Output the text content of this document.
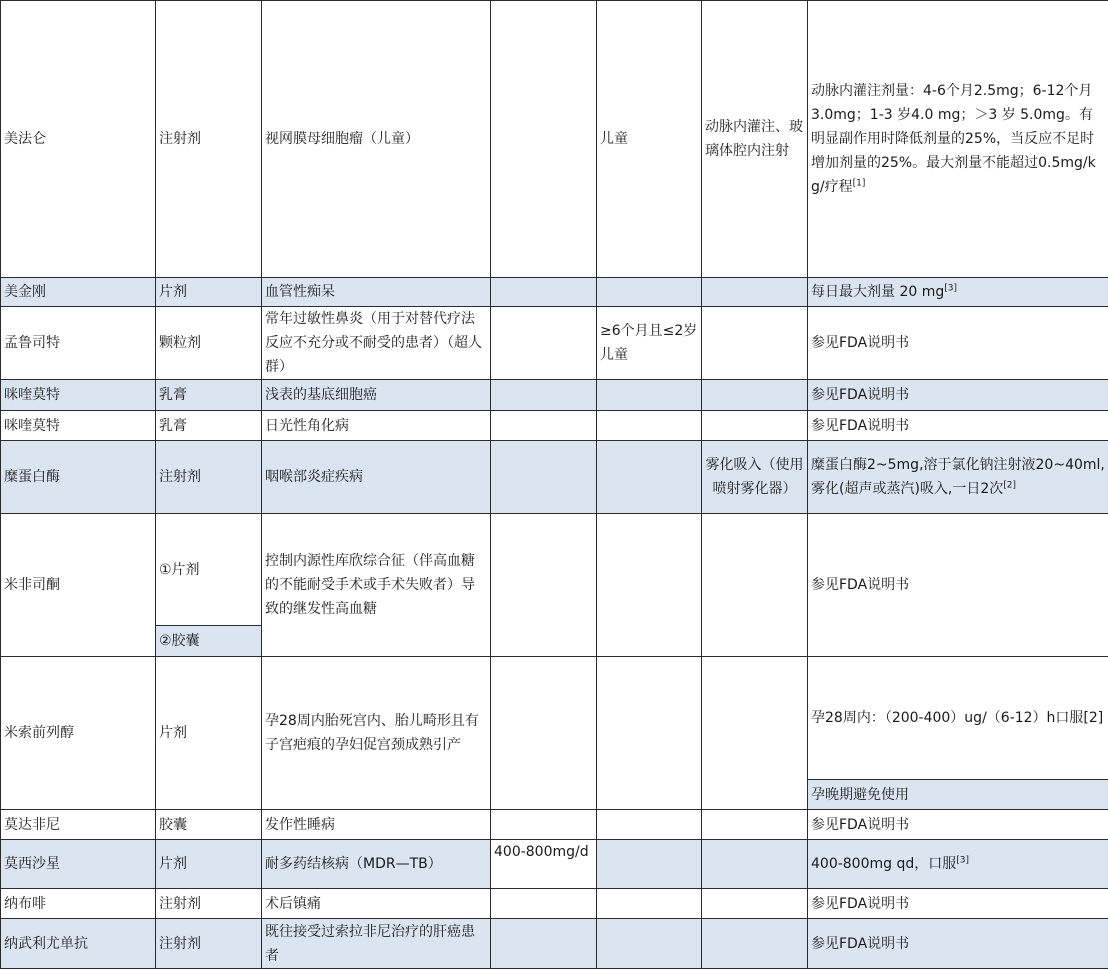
美法仑	注射剂	视网膜母细胞瘤（儿童）		儿童	动脉内灌注、玻璃体腔内注射	动脉内灌注剂量：4-6个月2.5mg；6-12个月 3.0mg；1-3 岁4.0 mg；＞3 岁 5.0mg。有明显副作用时降低剂量的25%，当反应不足时增加剂量的25%。最大剂量不能超过0.5mg/kg/疗程[1]
美金刚	片剂	血管性痴呆				每日最大剂量 20 mg[3]
孟鲁司特	颗粒剂	常年过敏性鼻炎（用于对替代疗法反应不充分或不耐受的患者）（超人群）		≥6个月且≤2岁儿童		参见FDA说明书
咪喹莫特	乳膏	浅表的基底细胞癌				参见FDA说明书
咪喹莫特	乳膏	日光性角化病				参见FDA说明书
糜蛋白酶	注射剂	咽喉部炎症疾病			雾化吸入（使用喷射雾化器）	糜蛋白酶2~5mg,溶于氯化钠注射液20~40ml,雾化(超声或蒸汽)吸入,一日2次[2]
米非司酮	①片剂	控制内源性库欣综合征（伴高血糖的不能耐受手术或手术失败者）导致的继发性高血糖				参见FDA说明书
	②胶囊					
米索前列醇	片剂	孕28周内胎死宫内、胎儿畸形且有子宫疤痕的孕妇促宫颈成熟引产				孕28周内：（200-400）ug/（6-12）h口服[2]
						孕晚期避免使用
莫达非尼	胶囊	发作性睡病				参见FDA说明书
莫西沙星	片剂	耐多药结核病（MDR—TB）	400-800mg/d			400-800mg qd，口服[3]
纳布啡	注射剂	术后镇痛				参见FDA说明书
纳武利尤单抗	注射剂	既往接受过索拉非尼治疗的肝癌患者				参见FDA说明书
